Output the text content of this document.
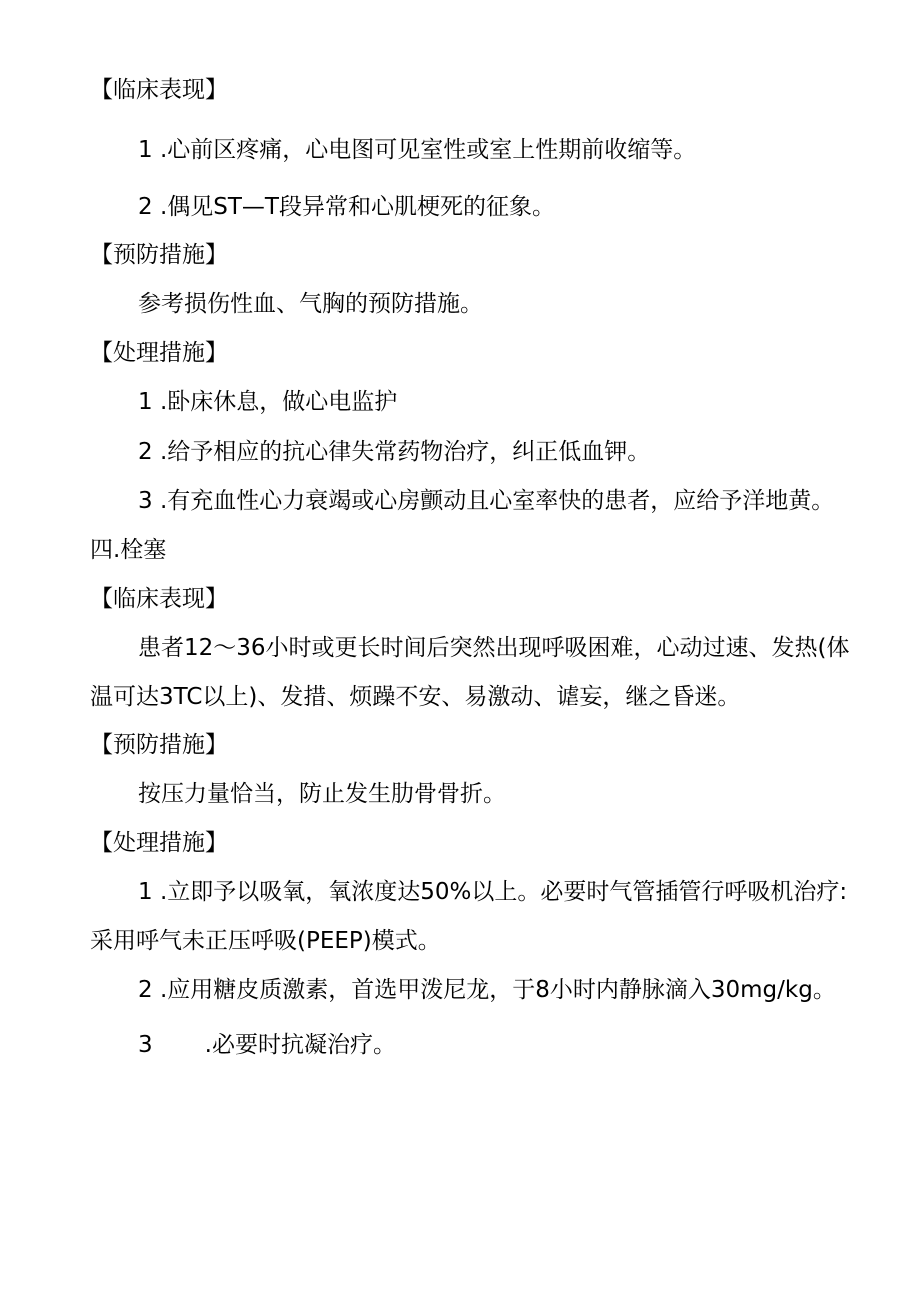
【临床表现】
1 .心前区疼痛，心电图可见室性或室上性期前收缩等。
2 .偶见ST—T段异常和心肌梗死的征象。
【预防措施】
参考损伤性血、气胸的预防措施。
【处理措施】
1 .卧床休息，做心电监护
2 .给予相应的抗心律失常药物治疗，纠正低血钾。
3 .有充血性心力衰竭或心房颤动且心室率快的患者，应给予洋地黄。
四.栓塞
【临床表现】
患者12～36小时或更长时间后突然出现呼吸困难，心动过速、发热(体
温可达3TC以上)、发措、烦躁不安、易激动、谑妄，继之昏迷。
【预防措施】
按压力量恰当，防止发生肋骨骨折。
【处理措施】
1 .立即予以吸氧，氧浓度达50%以上。必要时气管插管行呼吸机治疗:
采用呼气未正压呼吸(PEEP)模式。
2 .应用糖皮质激素，首选甲泼尼龙，于8小时内静脉滴入30mg/kg。
3 .必要时抗凝治疗。
